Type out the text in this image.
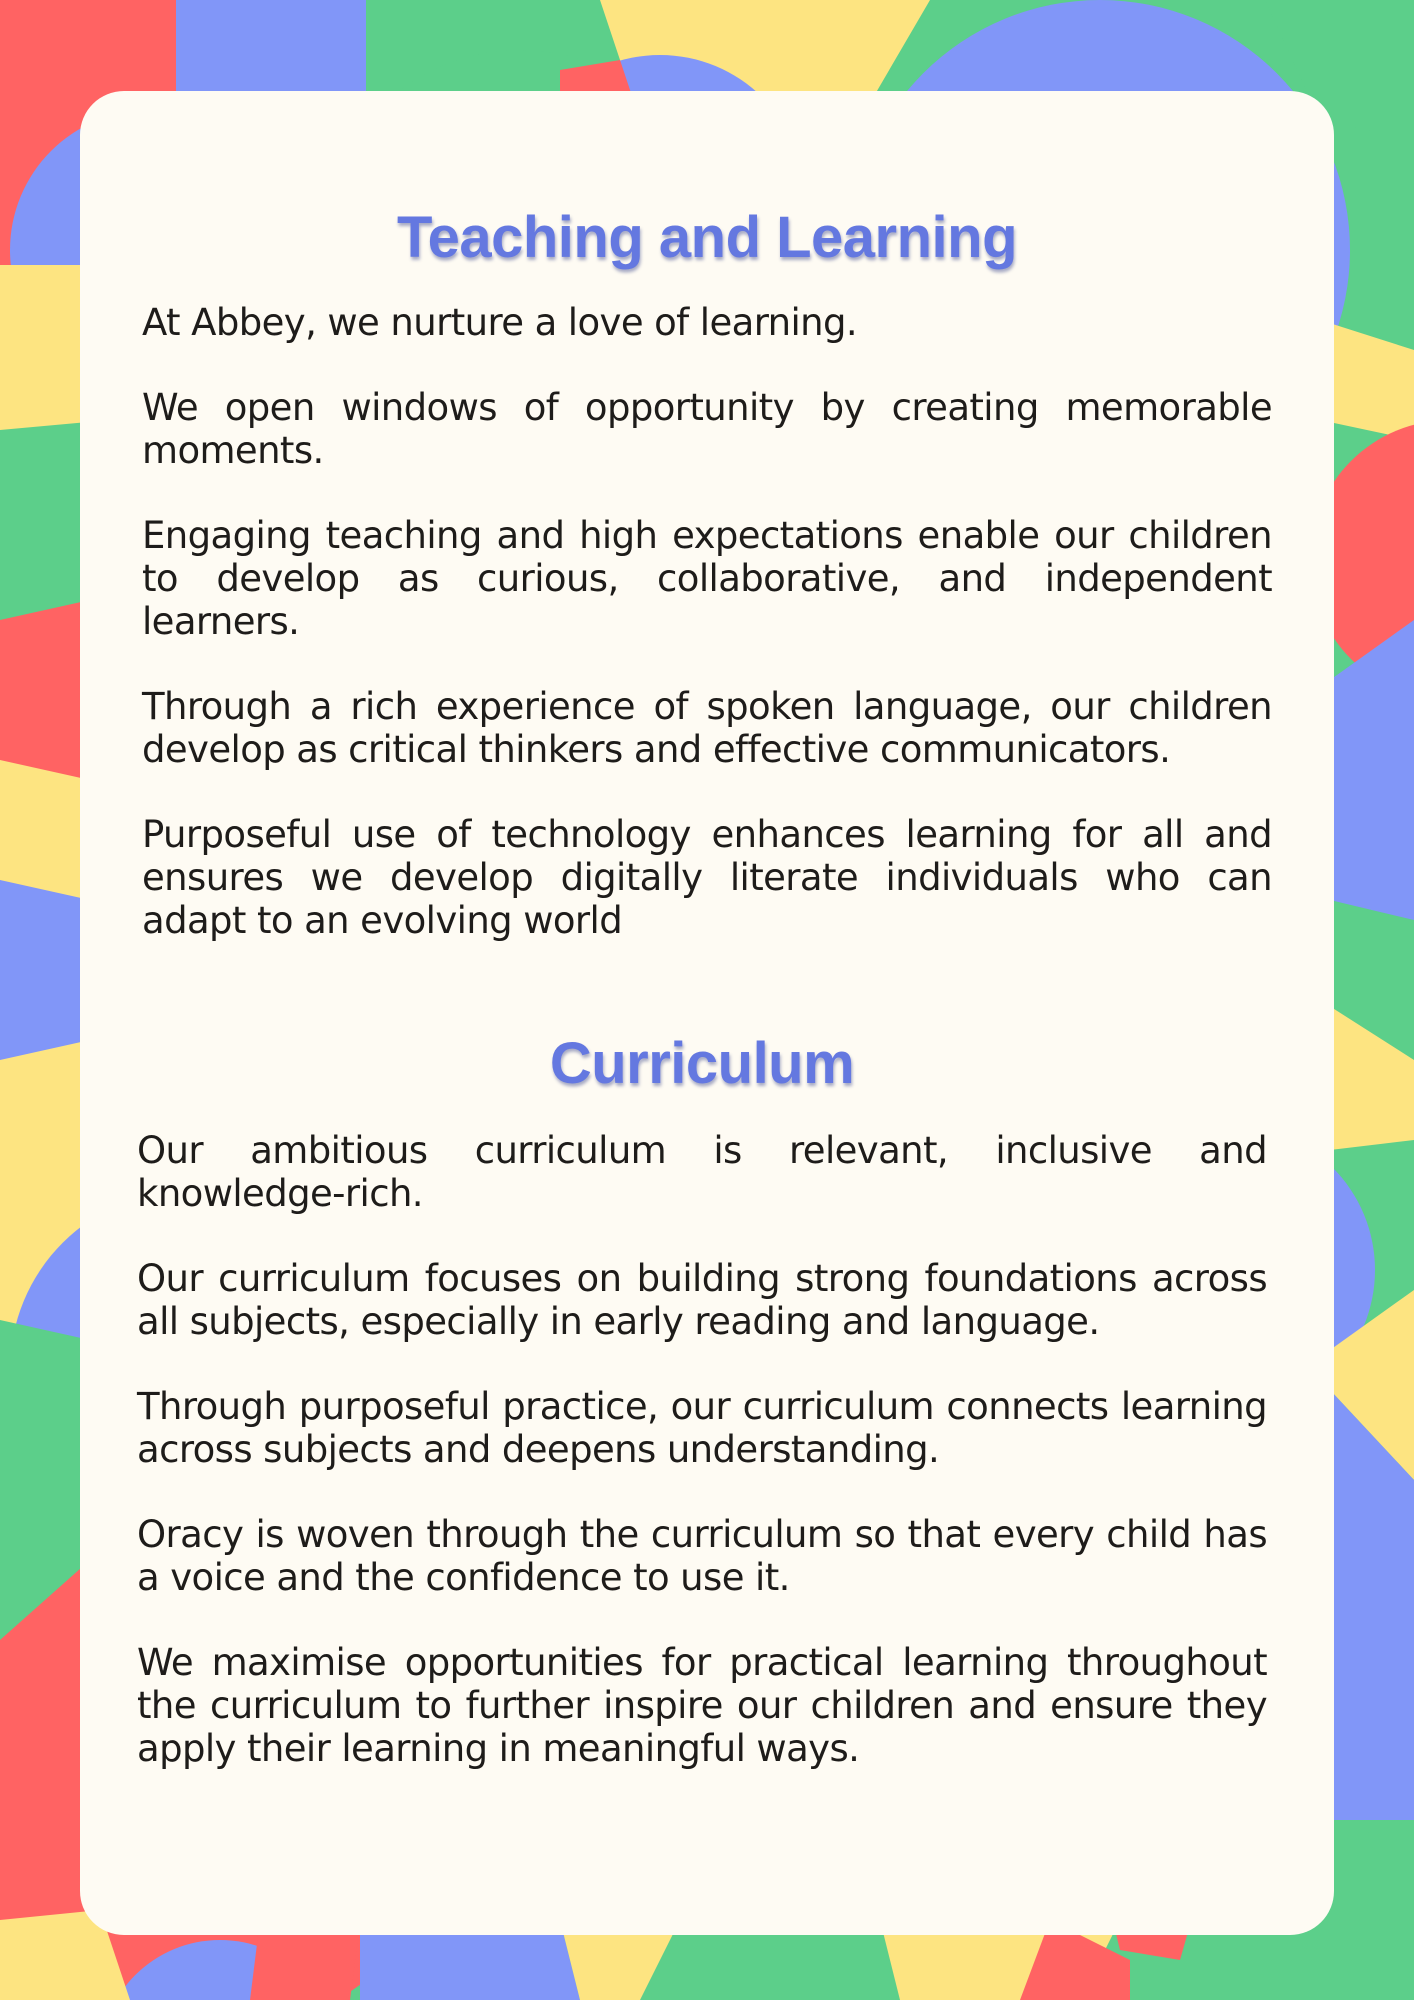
Teaching and Learning

At Abbey, we nurture a love of learning.

We open windows of opportunity by creating memorable moments.

Engaging teaching and high expectations enable our children to develop as curious, collaborative, and independent learners.

Through a rich experience of spoken language, our children develop as critical thinkers and effective communicators.

Purposeful use of technology enhances learning for all and ensures we develop digitally literate individuals who can adapt to an evolving world

Curriculum

Our ambitious curriculum is relevant, inclusive and knowledge-rich.

Our curriculum focuses on building strong foundations across all subjects, especially in early reading and language.

Through purposeful practice, our curriculum connects learning across subjects and deepens understanding.

Oracy is woven through the curriculum so that every child has a voice and the confidence to use it.

We maximise opportunities for practical learning throughout the curriculum to further inspire our children and ensure they apply their learning in meaningful ways.
